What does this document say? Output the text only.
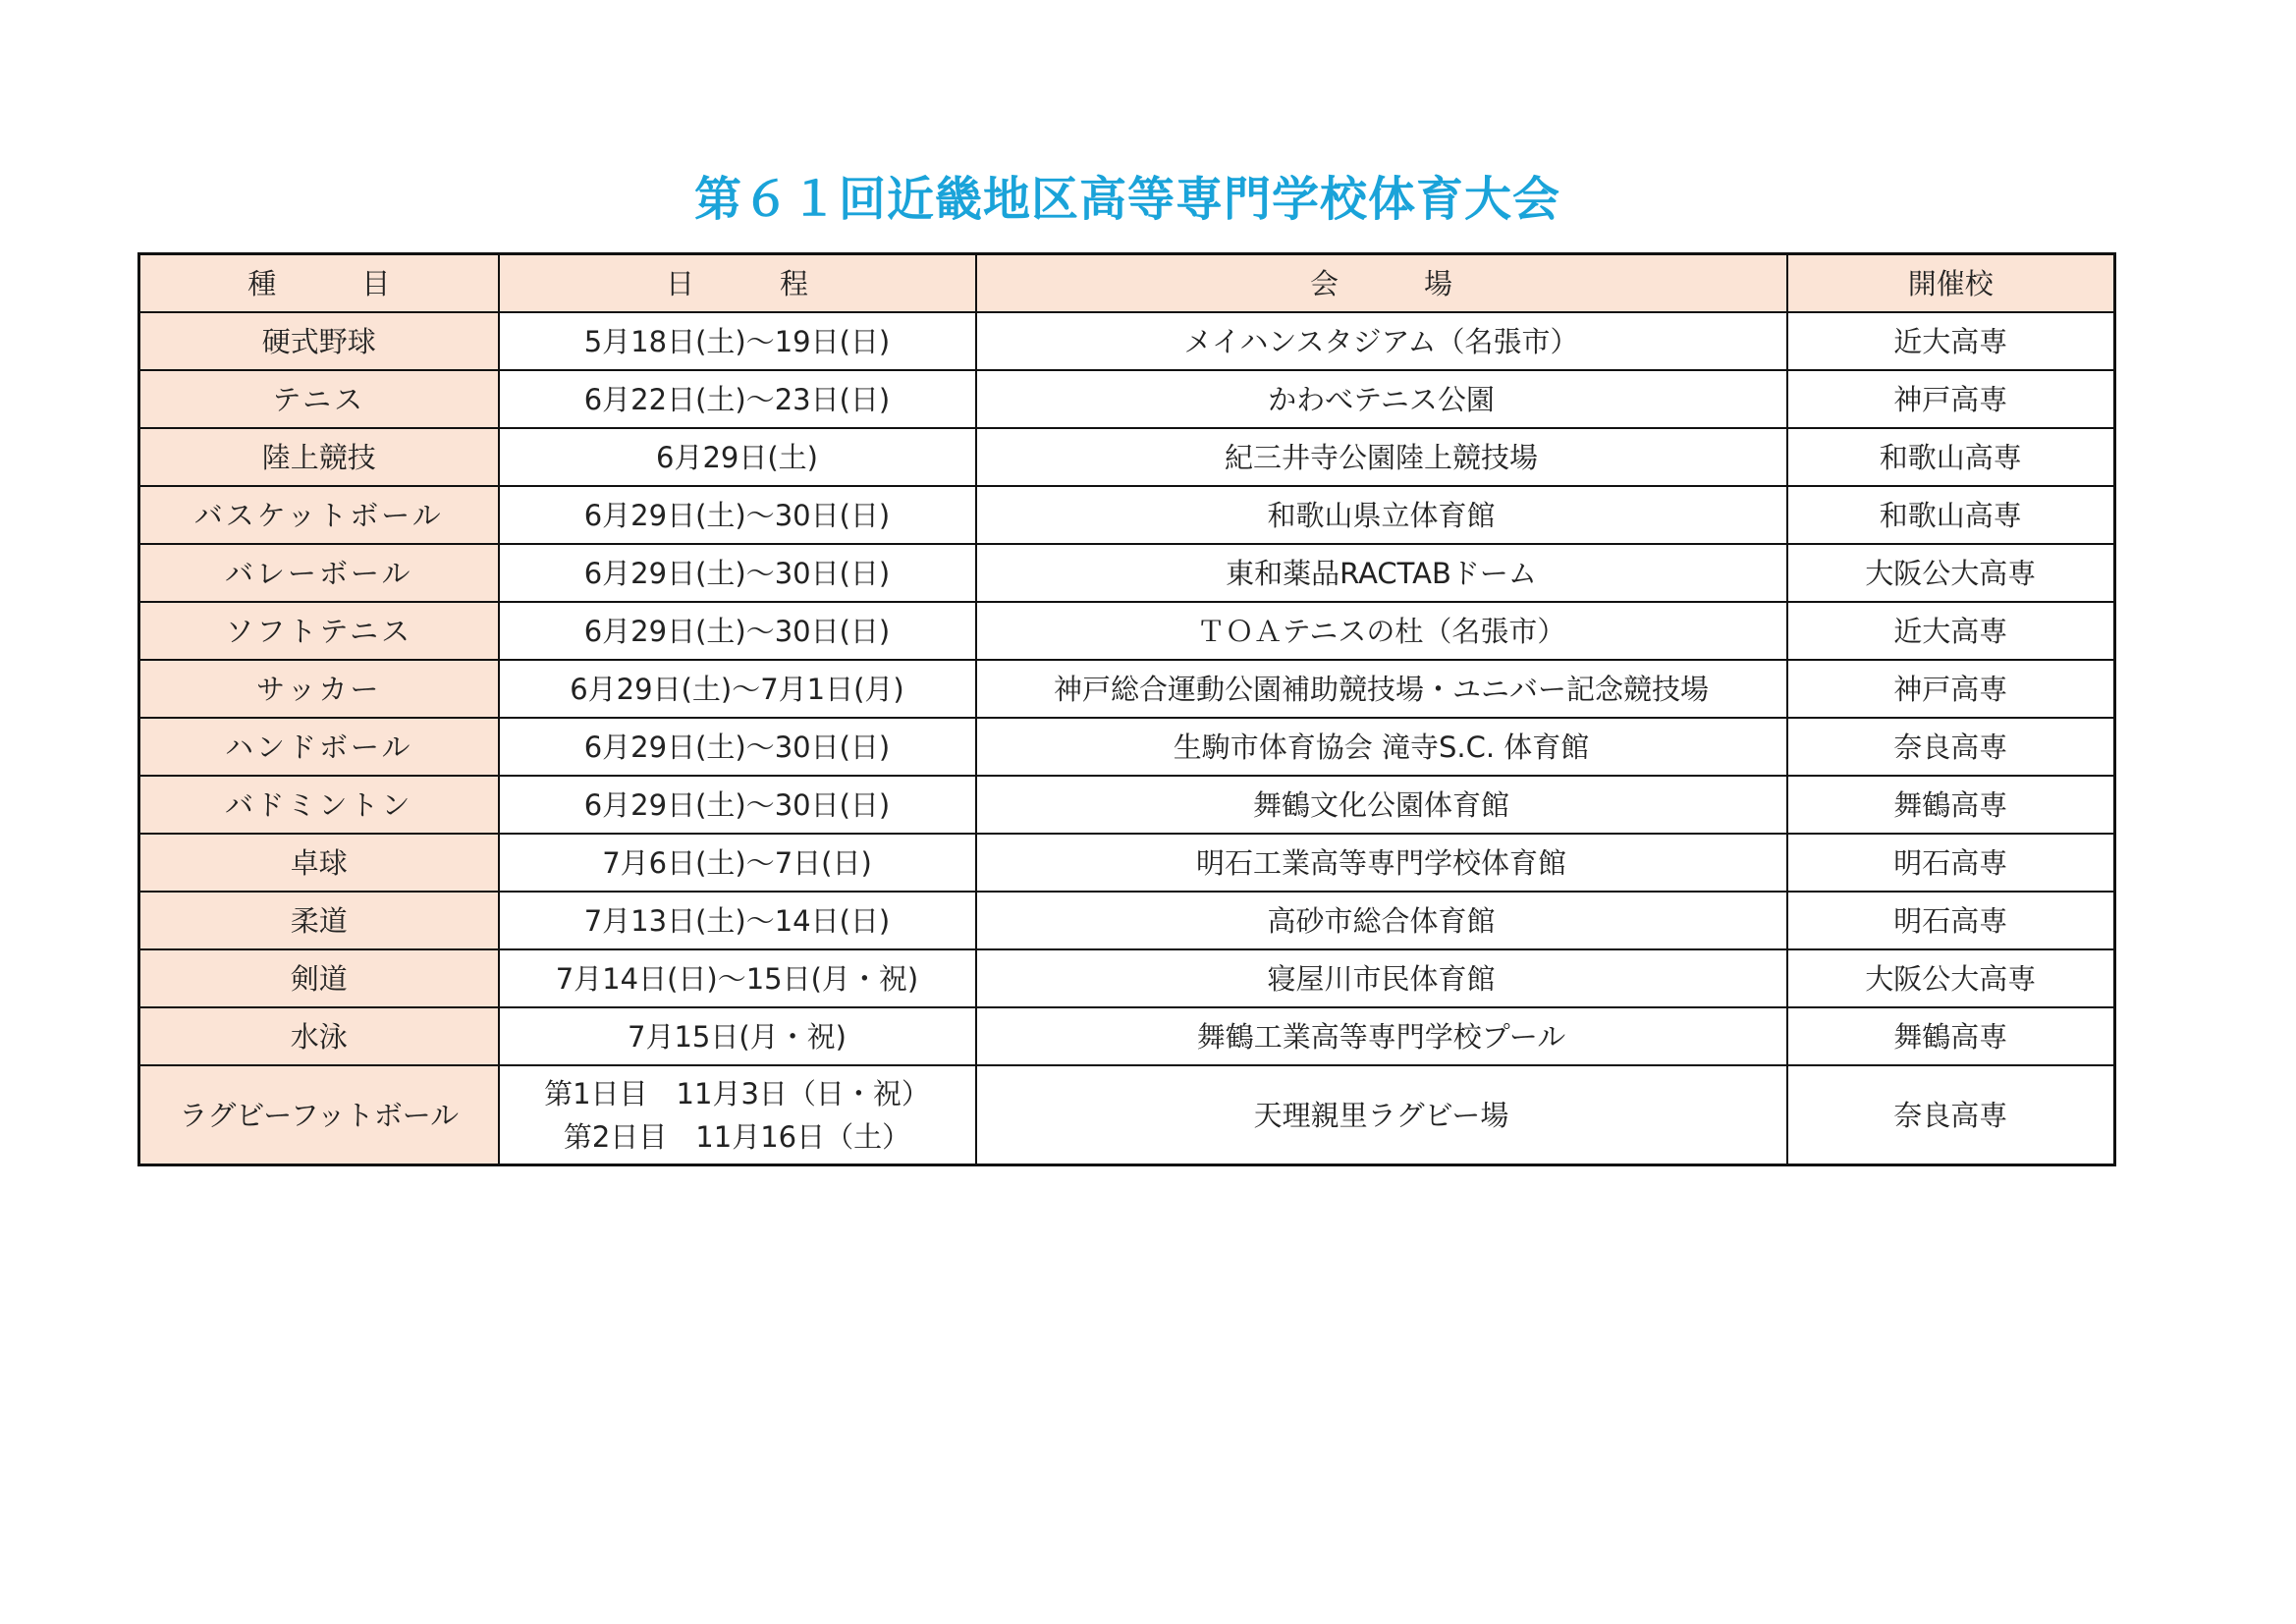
第６１回近畿地区高等専門学校体育大会
種　　　目	日　　　程	会　　　場	開催校
硬式野球	5月18日(土)～19日(日)	メイハンスタジアム（名張市）	近大高専
テニス	6月22日(土)～23日(日)	かわべテニス公園	神戸高専
陸上競技	6月29日(土)	紀三井寺公園陸上競技場	和歌山高専
バスケットボール	6月29日(土)～30日(日)	和歌山県立体育館	和歌山高専
バレーボール	6月29日(土)～30日(日)	東和薬品RACTABドーム	大阪公大高専
ソフトテニス	6月29日(土)～30日(日)	ＴＯＡテニスの杜（名張市）	近大高専
サッカー	6月29日(土)～7月1日(月)	神戸総合運動公園補助競技場・ユニバー記念競技場	神戸高専
ハンドボール	6月29日(土)～30日(日)	生駒市体育協会 滝寺S.C. 体育館	奈良高専
バドミントン	6月29日(土)～30日(日)	舞鶴文化公園体育館	舞鶴高専
卓球	7月6日(土)～7日(日)	明石工業高等専門学校体育館	明石高専
柔道	7月13日(土)～14日(日)	高砂市総合体育館	明石高専
剣道	7月14日(日)～15日(月・祝)	寝屋川市民体育館	大阪公大高専
水泳	7月15日(月・祝)	舞鶴工業高等専門学校プール	舞鶴高専
ラグビーフットボール	第1日目　11月3日（日・祝）
第2日目　11月16日（土）	天理親里ラグビー場	奈良高専
